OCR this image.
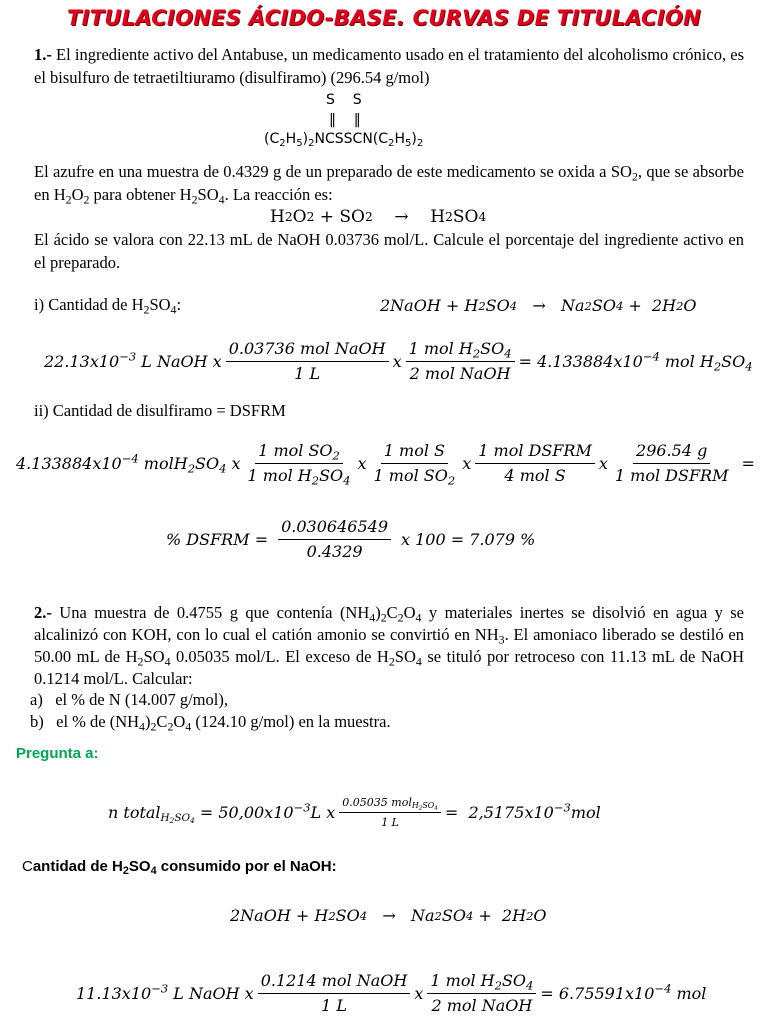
TITULACIONES ÁCIDO-BASE. CURVAS DE TITULACIÓN
1.- El ingrediente activo del Antabuse, un medicamento usado en el tratamiento del alcoholismo crónico, es el bisulfuro de tetraetiltiuramo (disulfiramo) (296.54 g/mol)
S    S
‖    ‖
$(C_2H_5)_2NCSSCN(C_2H_5)_2$
El azufre en una muestra de 0.4329 g de un preparado de este medicamento se oxida a $SO_2$, que se absorbe en $H_2O_2$ para obtener $H_2SO_4$. La reacción es:
H 2 O 2 + SO 2 →    H 2 SO 4
El ácido se valora con 22.13 mL de NaOH 0.03736 mol/L. Calcule el porcentaje del ingrediente activo en el preparado.
i) Cantidad de $H_2SO_4$:	2NaOH + H 2 SO 4
→ Na 2 SO 4 +  2H 2 O
$22.13x10^{-3}$ L NaOH x $\frac{\text{0.03736 mol NaOH}}{1 L}$ x $\frac{1 mol H_2SO_4}{\text{2 mol NaOH}} = 4.133884x10^{-4}$ mol $H_2SO_4$
ii) Cantidad de disulfiramo = DSFRM
$4.133884x10^{-4}$ $molH_2SO_4$ x $\frac{1 mol SO_2}{1 mol H_2SO_4}$ x $\frac{\text{1 mol S}}{1 mol SO_2}$ x $\frac{\text{1 mol DSFRM}}{\text{4 mol S}}$ x $\frac{296.54 g}{\text{1 mol DSFRM}}$ =
% DSFRM = $\frac{0.030646549}{0.4329}$ x 100 = 7.079 %
2.- Una muestra de 0.4755 g que contenía $(NH_4)_2C_2O_4$ y materiales inertes se disolvió en agua y se alcalinizó con KOH, con lo cual el catión amonio se convirtió en $NH_3$. El amoniaco liberado se destiló en 50.00 mL de $H_2SO_4$ 0.05035 mol/L. El exceso de $H_2SO_4$ se tituló por retroceso con 11.13 mL de NaOH 0.1214 mol/L. Calcular:
a)   el % de N (14.007 g/mol),
b)   el % de $(NH_4)_2C_2O_4$ (124.10 g/mol) en la muestra.
Pregunta a:
n total$_{H_2SO_4}$ = $50,00x10^{-3}L$ x $\frac{0.05035 mol_{H_2SO_4}}{1 L} = 2,5175x10^{-3}mol$
Cantidad de $H_2SO_4$ consumido por el NaOH:
2NaOH + H 2 SO 4
→ Na 2 SO 4 +  2H 2 O
$11.13x10^{-3}$ L NaOH x $\frac{\text{0.1214 mol NaOH}}{1 L}$ x $\frac{1 mol H_2SO_4}{\text{2 mol NaOH}} = 6.75591x10^{-4}$ mol
